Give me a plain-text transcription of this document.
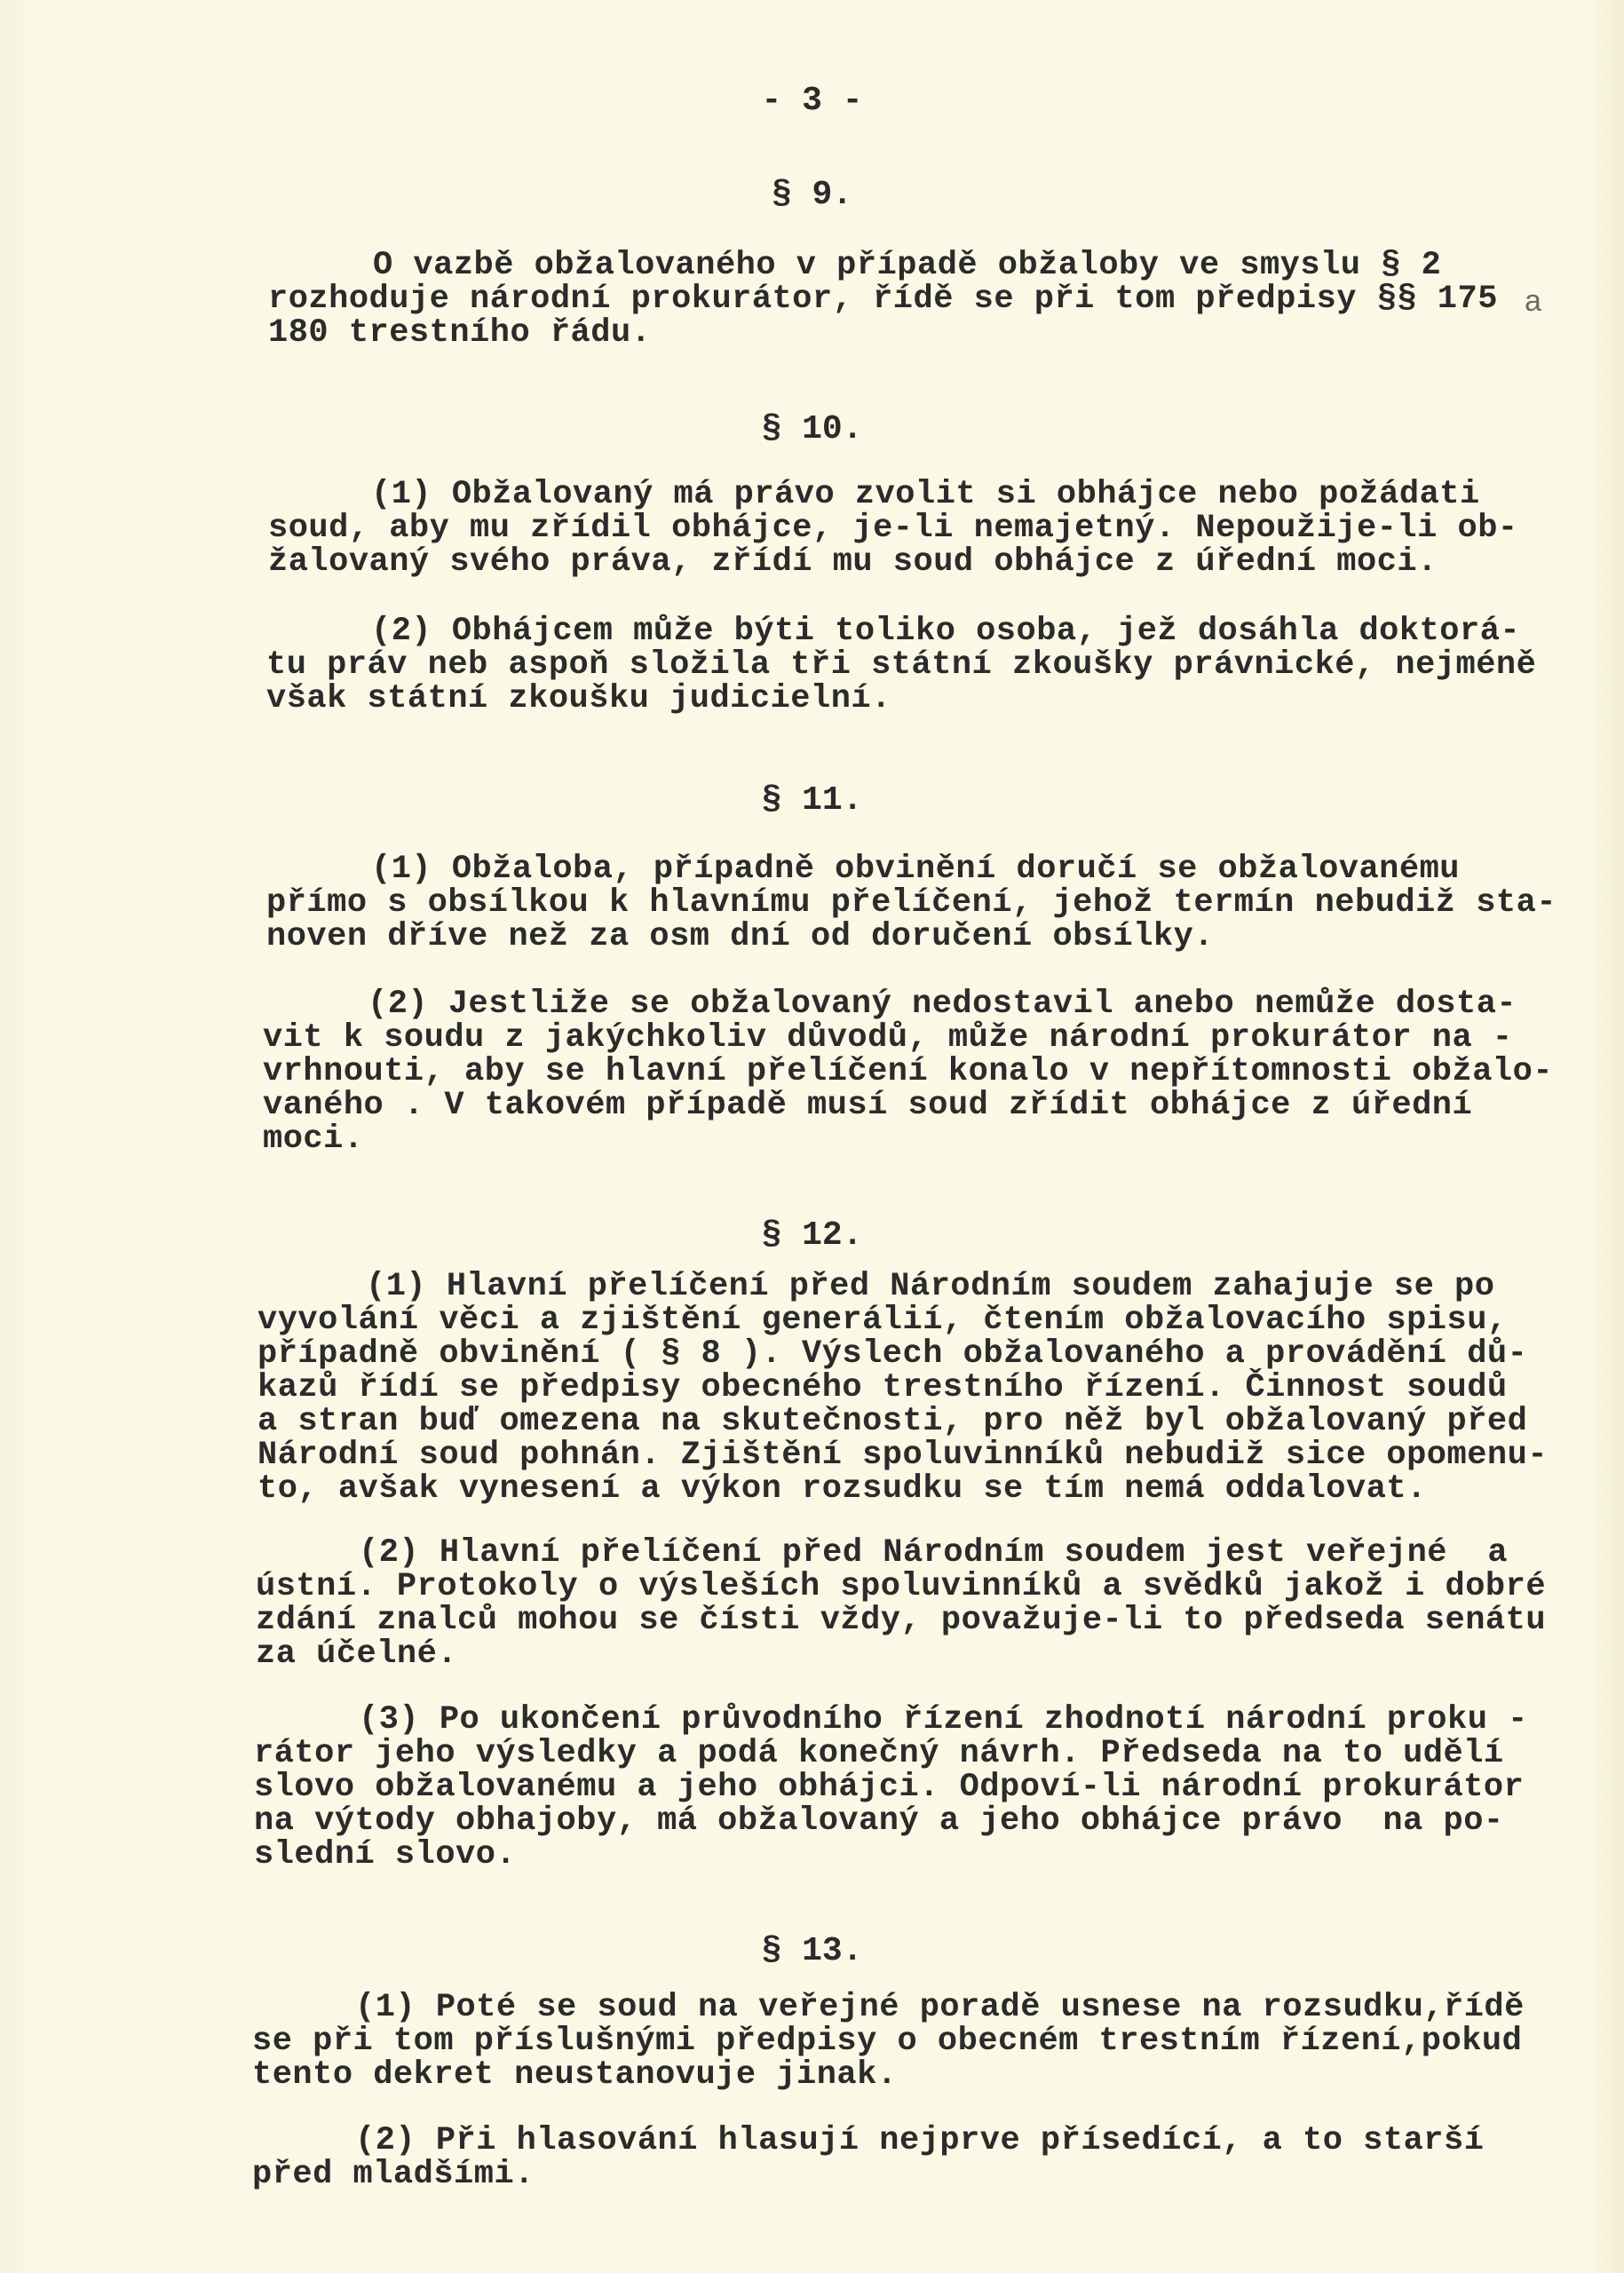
- 3 -
§ 9.
O vazbě obžalovaného v případě obžaloby ve smyslu § 2
rozhoduje národní prokurátor, řídě se při tom předpisy §§ 175 a
180 trestního řádu.
§ 10.
(1) Obžalovaný má právo zvolit si obhájce nebo požádati
soud, aby mu zřídil obhájce, je-li nemajetný. Nepoužije-li ob-
žalovaný svého práva, zřídí mu soud obhájce z úřední moci.
(2) Obhájcem může býti toliko osoba, jež dosáhla doktorá-
tu práv neb aspoň složila tři státní zkoušky právnické, nejméně
však státní zkoušku judicielní.
§ 11.
(1) Obžaloba, případně obvinění doručí se obžalovanému
přímo s obsílkou k hlavnímu přelíčení, jehož termín nebudiž sta-
noven dříve než za osm dní od doručení obsílky.
(2) Jestliže se obžalovaný nedostavil anebo nemůže dosta-
vit k soudu z jakýchkoliv důvodů, může národní prokurátor na -
vrhnouti, aby se hlavní přelíčení konalo v nepřítomnosti obžalo-
vaného . V takovém případě musí soud zřídit obhájce z úřední
moci.
§ 12.
(1) Hlavní přelíčení před Národním soudem zahajuje se po
vyvolání věci a zjištění generálií, čtením obžalovacího spisu,
případně obvinění ( § 8 ). Výslech obžalovaného a provádění dů-
kazů řídí se předpisy obecného trestního řízení. Činnost soudů
a stran buď omezena na skutečnosti, pro něž byl obžalovaný před
Národní soud pohnán. Zjištění spoluvinníků nebudiž sice opomenu-
to, avšak vynesení a výkon rozsudku se tím nemá oddalovat.
(2) Hlavní přelíčení před Národním soudem jest veřejné  a
ústní. Protokoly o výsleších spoluvinníků a svědků jakož i dobré
zdání znalců mohou se čísti vždy, považuje-li to předseda senátu
za účelné.
(3) Po ukončení průvodního řízení zhodnotí národní proku -
rátor jeho výsledky a podá konečný návrh. Předseda na to udělí
slovo obžalovanému a jeho obhájci. Odpoví-li národní prokurátor
na výtody obhajoby, má obžalovaný a jeho obhájce právo  na po-
slední slovo.
§ 13.
(1) Poté se soud na veřejné poradě usnese na rozsudku,řídě
se při tom příslušnými předpisy o obecném trestním řízení,pokud
tento dekret neustanovuje jinak.
(2) Při hlasování hlasují nejprve přísedící, a to starší
před mladšími.
